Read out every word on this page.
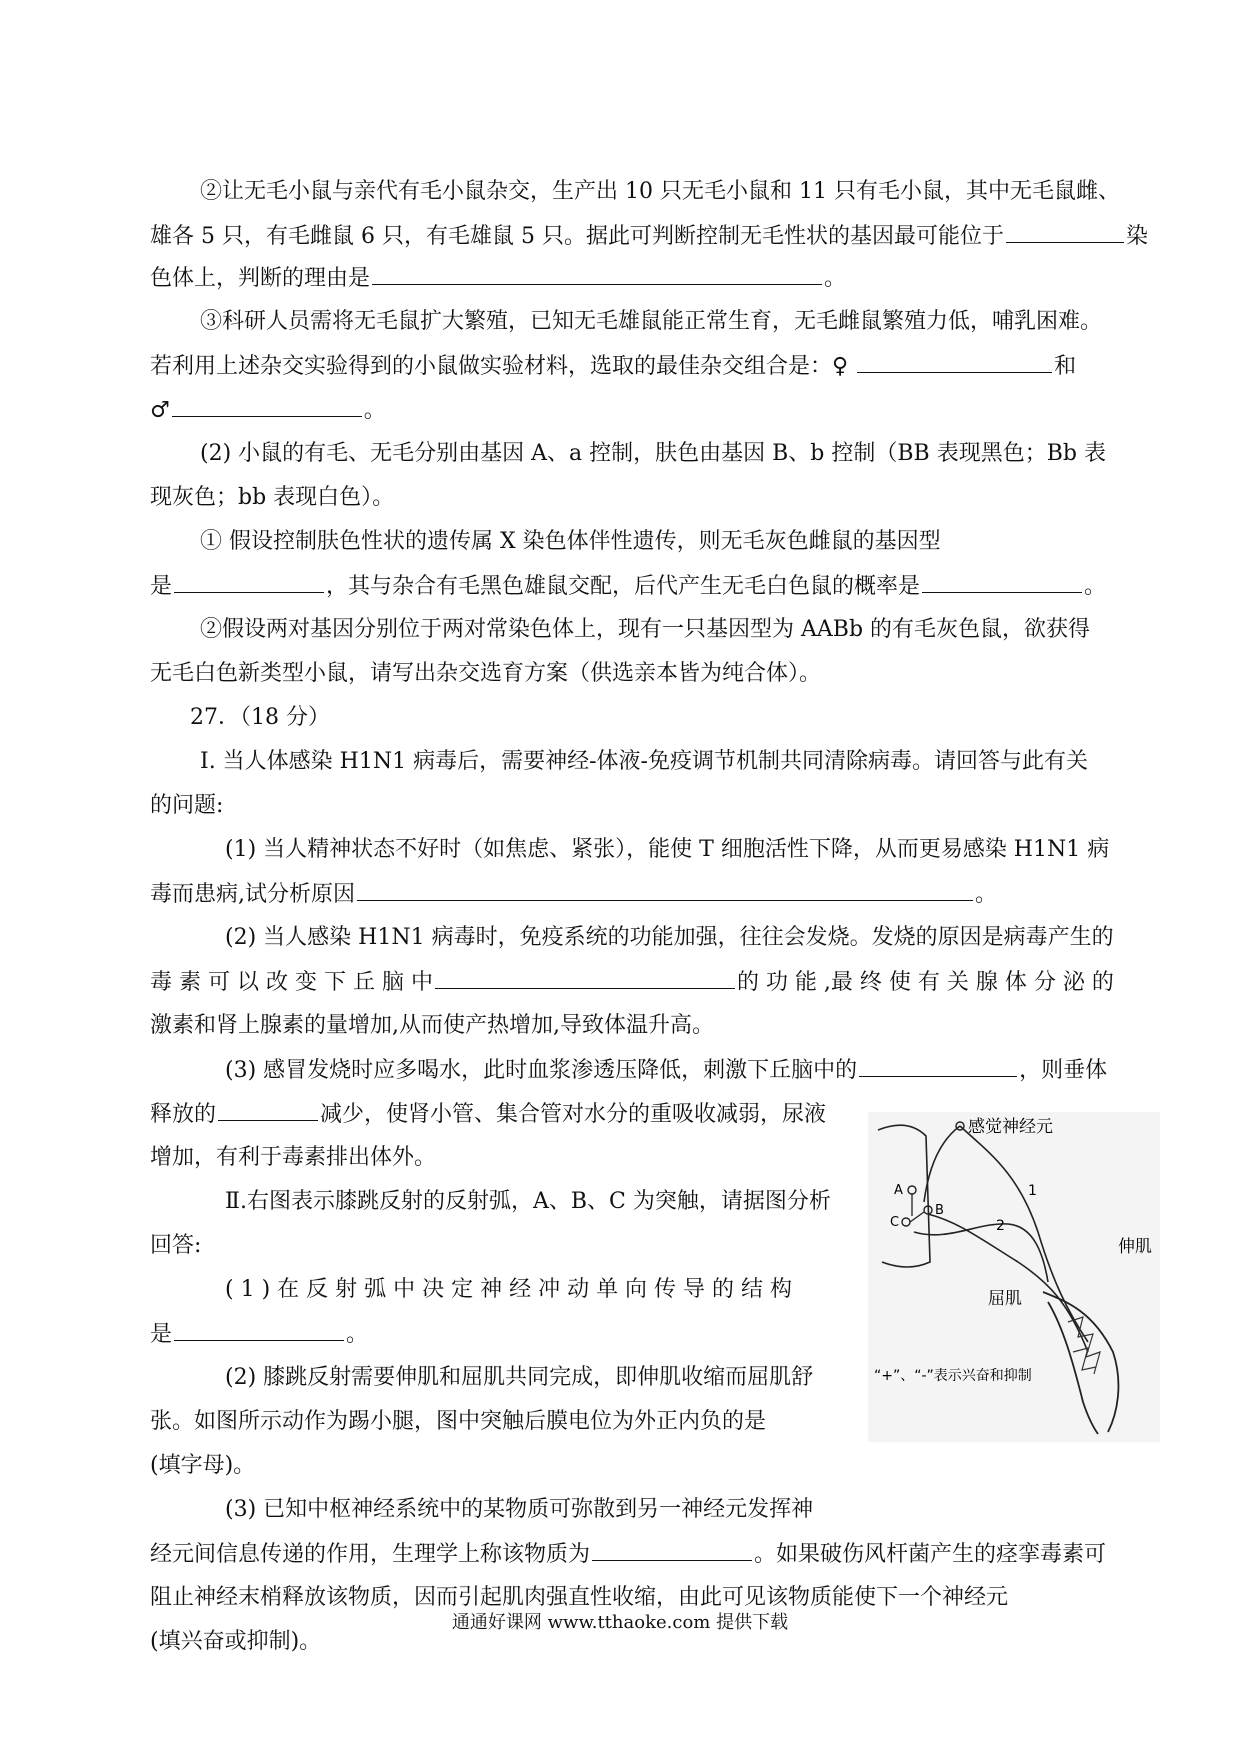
②让无毛小鼠与亲代有毛小鼠杂交，生产出 10 只无毛小鼠和 11 只有毛小鼠，其中无毛鼠雌、
雄各 5 只，有毛雌鼠 6 只，有毛雄鼠 5 只。据此可判断控制无毛性状的基因最可能位于	染
色体上，判断的理由是	。
③科研人员需将无毛鼠扩大繁殖，已知无毛雄鼠能正常生育，无毛雌鼠繁殖力低，哺乳困难。
若利用上述杂交实验得到的小鼠做实验材料，选取的最佳杂交组合是：♀	和
♂	。
(2) 小鼠的有毛、无毛分别由基因 A、a 控制，肤色由基因 B、b 控制（BB 表现黑色；Bb 表
现灰色；bb 表现白色）。
① 假设控制肤色性状的遗传属 X 染色体伴性遗传，则无毛灰色雌鼠的基因型
是	，其与杂合有毛黑色雄鼠交配，后代产生无毛白色鼠的概率是	。
②假设两对基因分别位于两对常染色体上，现有一只基因型为 AABb 的有毛灰色鼠，欲获得
无毛白色新类型小鼠，请写出杂交选育方案（供选亲本皆为纯合体）。
27．（18 分）
I. 当人体感染 H1N1 病毒后，需要神经-体液-免疫调节机制共同清除病毒。请回答与此有关
的问题:
(1) 当人精神状态不好时（如焦虑、紧张），能使 T 细胞活性下降，从而更易感染 H1N1 病
毒而患病,试分析原因	。
(2) 当人感染 H1N1 病毒时，免疫系统的功能加强，往往会发烧。发烧的原因是病毒产生的
毒 素 可 以 改 变 下 丘 脑 中	的 功 能 ,最 终 使 有 关 腺 体 分 泌 的
激素和肾上腺素的量增加,从而使产热增加,导致体温升高。
(3) 感冒发烧时应多喝水，此时血浆渗透压降低，刺激下丘脑中的	，则垂体
释放的	减少，使肾小管、集合管对水分的重吸收减弱，尿液
增加，有利于毒素排出体外。
Ⅱ.右图表示膝跳反射的反射弧，A、B、C 为突触，请据图分析
回答:
( 1 ) 在 反 射 弧 中 决 定 神 经 冲 动 单 向 传 导 的 结 构
是	。
(2) 膝跳反射需要伸肌和屈肌共同完成，即伸肌收缩而屈肌舒
张。如图所示动作为踢小腿，图中突触后膜电位为外正内负的是
(填字母)。
(3) 已知中枢神经系统中的某物质可弥散到另一神经元发挥神
经元间信息传递的作用，生理学上称该物质为	。如果破伤风杆菌产生的痉挛毒素可
阻止神经末梢释放该物质，因而引起肌肉强直性收缩，由此可见该物质能使下一个神经元
(填兴奋或抑制)。
感觉神经元
1
2
A
B
C
伸肌
屈肌
“+”、“-”表示兴奋和抑制
通通好课网 www.tthaoke.com 提供下载
